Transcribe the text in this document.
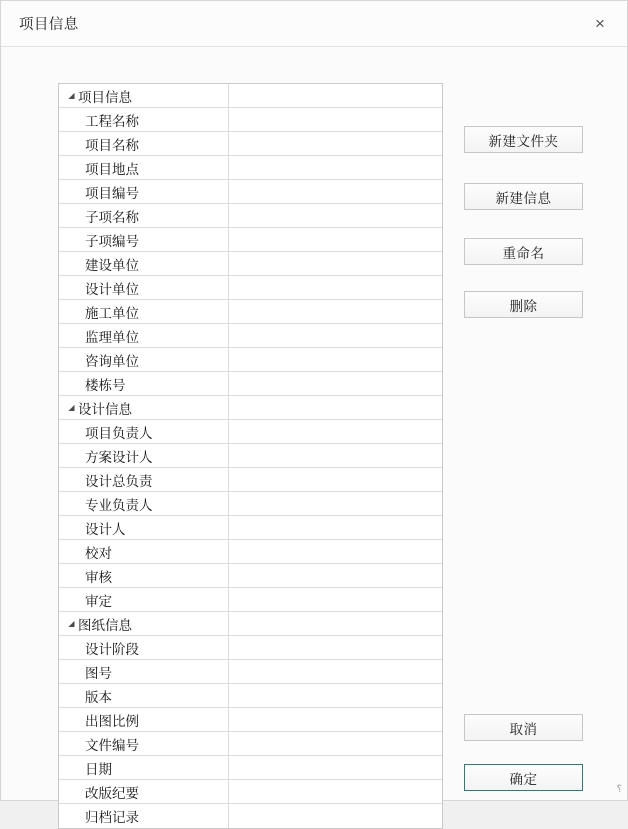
项目信息	×
◢ 项目信息
工程名称
项目名称
项目地点
项目编号
子项名称
子项编号
建设单位
设计单位
施工单位
监理单位
咨询单位
楼栋号
◢ 设计信息
项目负责人
方案设计人
设计总负责
专业负责人
设计人
校对
审核
审定
◢ 图纸信息
设计阶段
图号
版本
出图比例
文件编号
日期
改版纪要
归档记录
新建文件夹
新建信息
重命名
删除
取消
确定
⸮
